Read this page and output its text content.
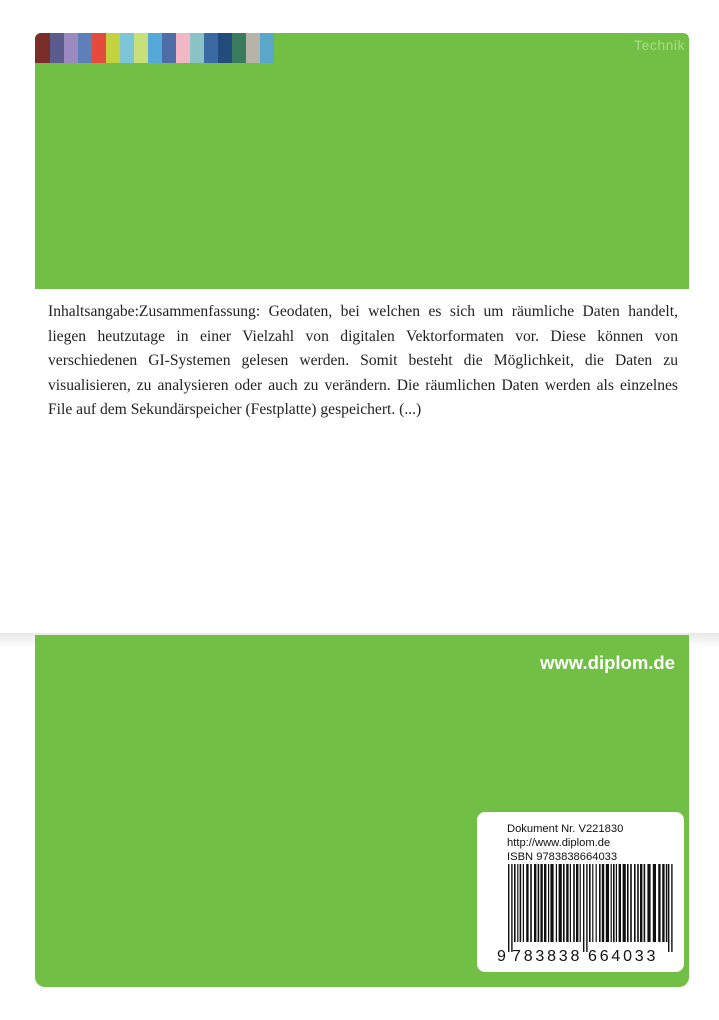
Technik

Inhaltsangabe:Zusammenfassung: Geodaten, bei welchen es sich um räumliche Daten handelt, liegen heutzutage in einer Vielzahl von digitalen Vektorformaten vor. Diese können von verschiedenen GI-Systemen gelesen werden. Somit besteht die Möglichkeit, die Daten zu visualisieren, zu analysieren oder auch zu verändern. Die räumlichen Daten werden als einzelnes File auf dem Sekundärspeicher (Festplatte) gespeichert. (...)

www.diplom.de
Dokument Nr. V221830
http://www.diplom.de
ISBN 9783838664033
9 783838 664033
